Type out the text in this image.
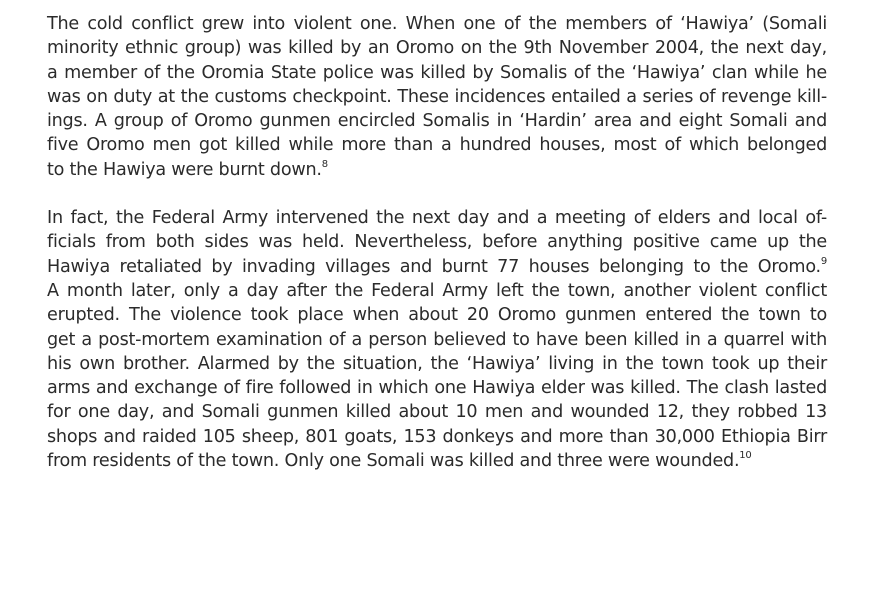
The cold conflict grew into violent one. When one of the members of ‘Hawiya’ (Somali
minority ethnic group) was killed by an Oromo on the 9th November 2004, the next day,
a member of the Oromia State police was killed by Somalis of the ‘Hawiya’ clan while he
was on duty at the customs checkpoint. These incidences entailed a series of revenge kill-
ings. A group of Oromo gunmen encircled Somalis in ‘Hardin’ area and eight Somali and
five Oromo men got killed while more than a hundred houses, most of which belonged
to the Hawiya were burnt down.$^8$

In fact, the Federal Army intervened the next day and a meeting of elders and local of-
ficials from both sides was held. Nevertheless, before anything positive came up the
Hawiya retaliated by invading villages and burnt 77 houses belonging to the Oromo.$^9$
A month later, only a day after the Federal Army left the town, another violent conflict
erupted. The violence took place when about 20 Oromo gunmen entered the town to
get a post-mortem examination of a person believed to have been killed in a quarrel with
his own brother. Alarmed by the situation, the ‘Hawiya’ living in the town took up their
arms and exchange of fire followed in which one Hawiya elder was killed. The clash lasted
for one day, and Somali gunmen killed about 10 men and wounded 12, they robbed 13
shops and raided 105 sheep, 801 goats, 153 donkeys and more than 30,000 Ethiopia Birr
from residents of the town. Only one Somali was killed and three were wounded.$^{10}$
